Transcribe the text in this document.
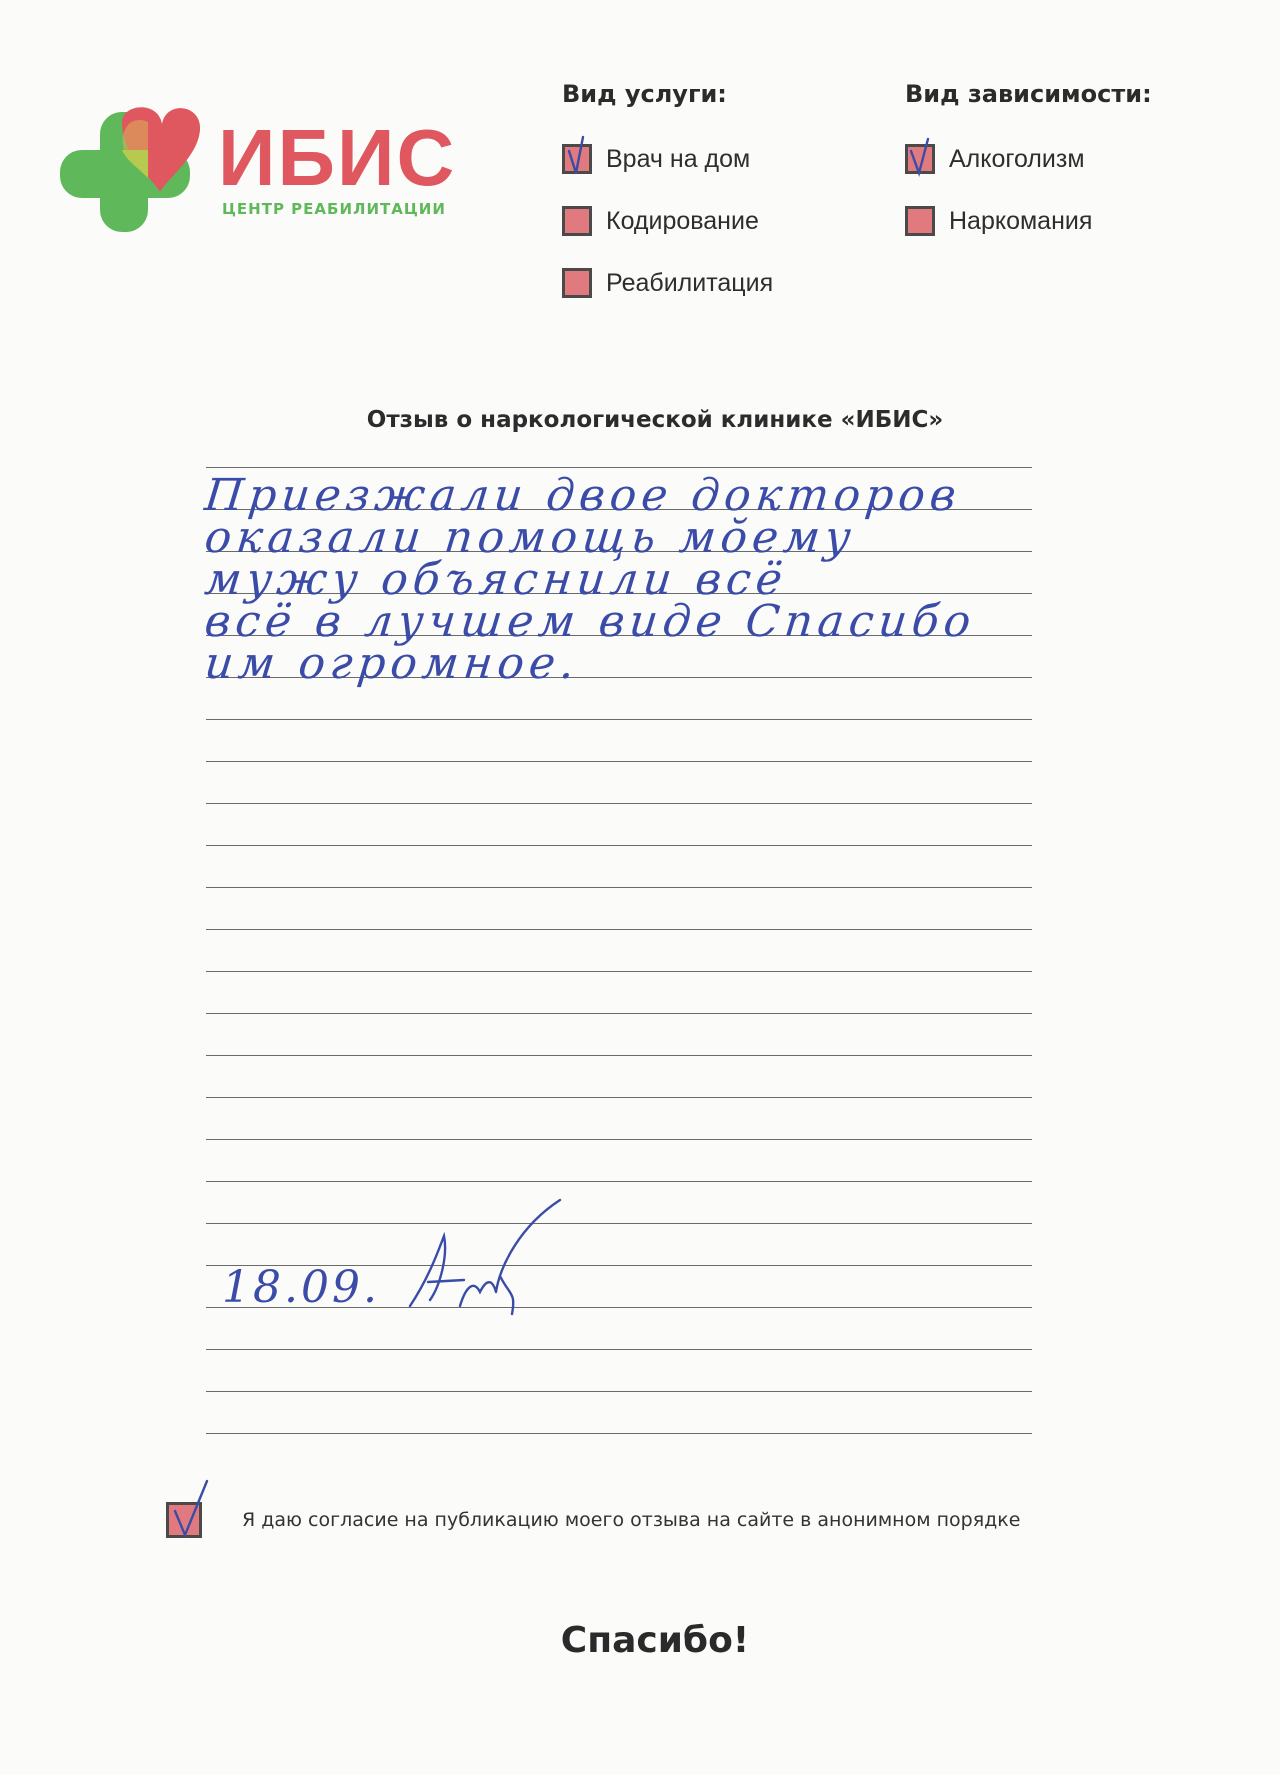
ИБИС
ЦЕНТР РЕАБИЛИТАЦИИ
Вид услуги:
Врач на дом
Кодирование
Реабилитация
Вид зависимости:
Алкоголизм
Наркомания
Отзыв о наркологической клинике «ИБИС»
Приезжали двое докторов
оказали помощь мо̆ему
мужу объяснили всё
всё в лучшем виде Спасибо
им огромное.
18.09.
Я даю согласие на публикацию моего отзыва на сайте в анонимном порядке
Спасибо!
